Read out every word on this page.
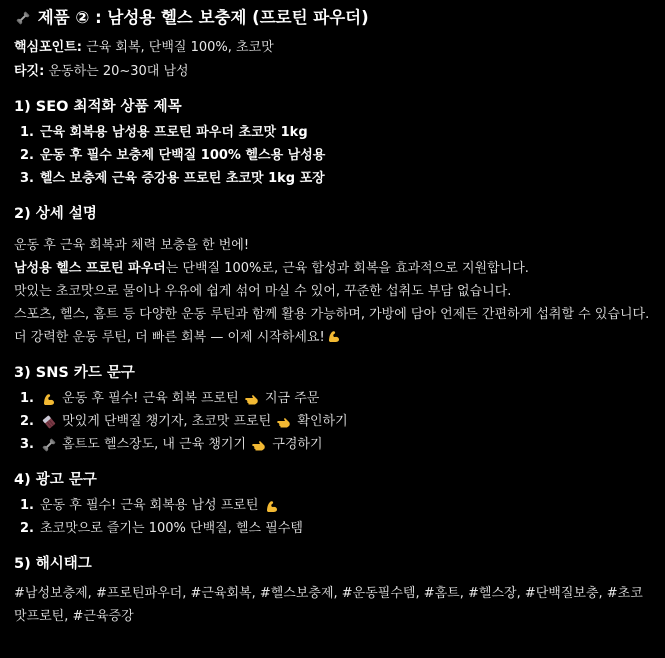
제품 ② : 남성용 헬스 보충제 (프로틴 파우더)

핵심포인트: 근육 회복, 단백질 100%, 초코맛

타깃: 운동하는 20~30대 남성

1) SEO 최적화 상품 제목
1. 근육 회복용 남성용 프로틴 파우더 초코맛 1kg
2. 운동 후 필수 보충제 단백질 100% 헬스용 남성용
3. 헬스 보충제 근육 증강용 프로틴 초코맛 1kg 포장
2) 상세 설명
운동 후 근육 회복과 체력 보충을 한 번에!
남성용 헬스 프로틴 파우더는 단백질 100%로, 근육 합성과 회복을 효과적으로 지원합니다.
맛있는 초코맛으로 물이나 우유에 쉽게 섞어 마실 수 있어, 꾸준한 섭취도 부담 없습니다.
스포츠, 헬스, 홈트 등 다양한 운동 루틴과 함께 활용 가능하며, 가방에 담아 언제든 간편하게 섭취할 수 있습니다.
더 강력한 운동 루틴, 더 빠른 회복 — 이제 시작하세요!
3) SNS 카드 문구
1.	운동 후 필수! 근육 회복 프로틴 지금 주문
2.	맛있게 단백질 챙기자, 초코맛 프로틴 확인하기
3.	홈트도 헬스장도, 내 근육 챙기기 구경하기
4) 광고 문구
1. 운동 후 필수! 근육 회복용 남성 프로틴
2. 초코맛으로 즐기는 100% 단백질, 헬스 필수템
5) 해시태그

#남성보충제, #프로틴파우더, #근육회복, #헬스보충제, #운동필수템, #홈트, #헬스장, #단백질보충, #초코맛프로틴, #근육증강
